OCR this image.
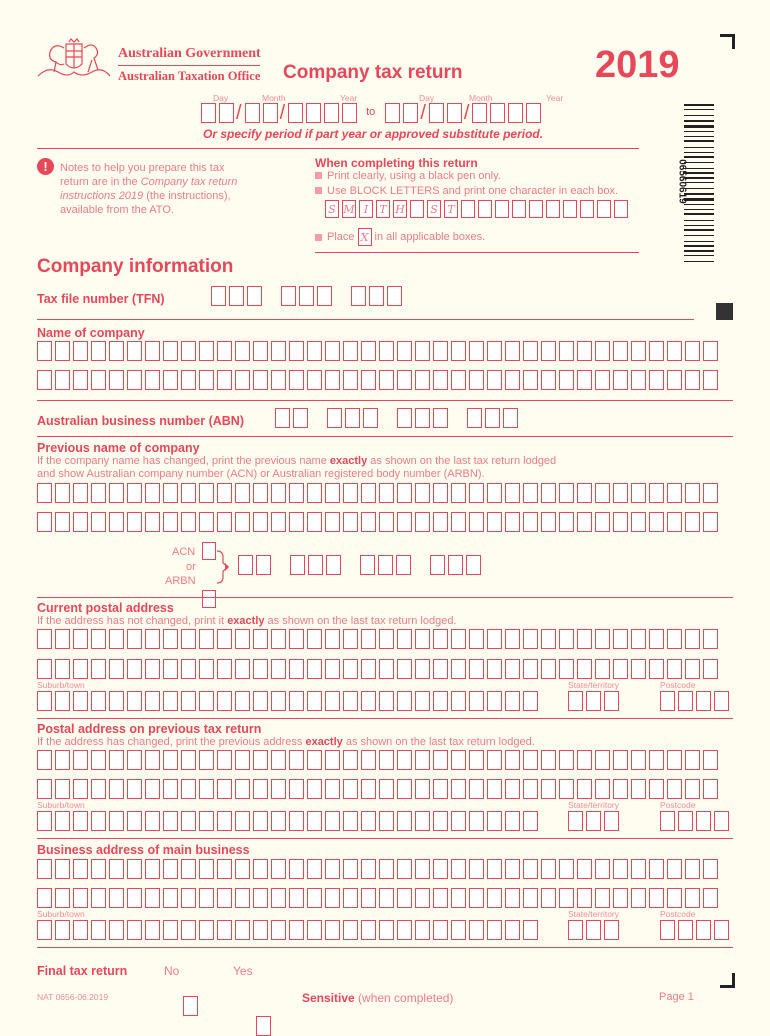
Australian Government
Australian Taxation Office Company tax return	2019
Day	Month	Year	Day	Month	Year
/ /	to / /
Or specify period if part year or approved substitute period.
06560619
!	Notes to help you prepare this tax
return are in the Company tax return
instructions 2019 (the instructions),
available from the ATO.
When completing this return
Print clearly, using a black pen only.
Use BLOCK LETTERS and print one character in each box.
S M I	T H S T
Place X in all applicable boxes.
Company information
Tax file number (TFN)
Name of company
Australian business number (ABN)
Previous name of company
If the company name has changed, print the previous name exactly as shown on the last tax return lodged
and show Australian company number (ACN) or Australian registered body number (ARBN).
ACN
or
ARBN
Current postal address
If the address has not changed, print it exactly as shown on the last tax return lodged.
Suburb/town	State/territory	Postcode
Postal address on previous tax return
If the address has changed, print the previous address exactly as shown on the last tax return lodged.
Suburb/town	State/territory	Postcode
Business address of main business
Suburb/town	State/territory	Postcode
Final tax return	No	Yes
NAT 0656-06.2019	Sensitive (when completed)	Page 1
